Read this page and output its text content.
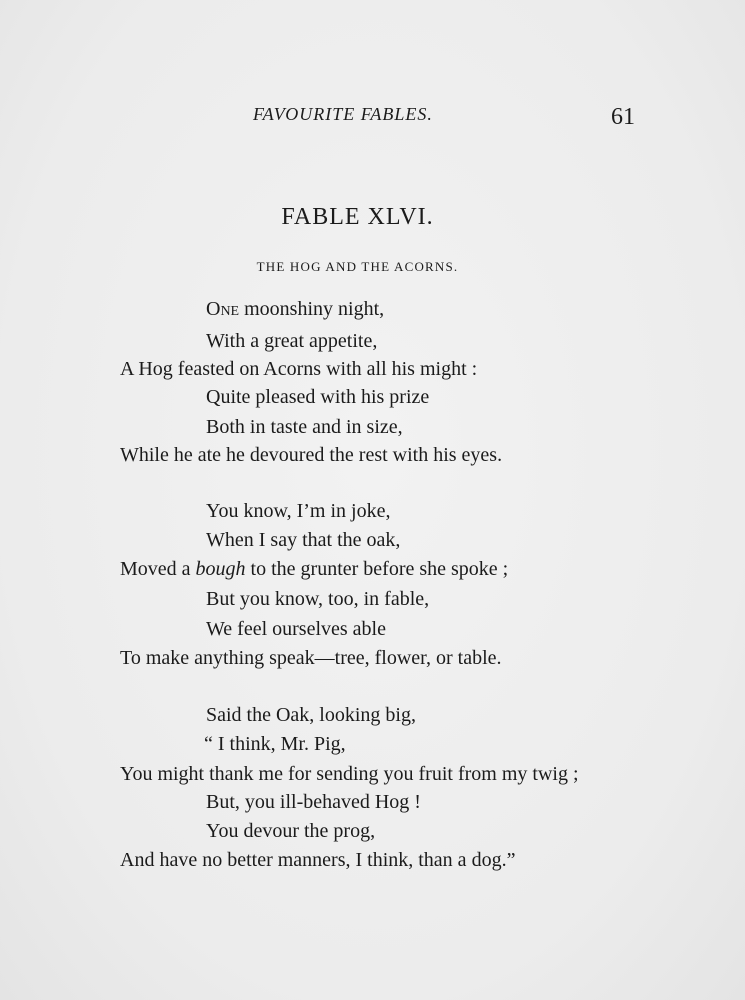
FAVOURITE FABLES.	61
FABLE XLVI.
THE HOG AND THE ACORNS.
One moonshiny night,
With a great appetite,
A Hog feasted on Acorns with all his might :
Quite pleased with his prize
Both in taste and in size,
While he ate he devoured the rest with his eyes.
You know, I’m in joke,
When I say that the oak,
Moved a bough to the grunter before she spoke ;
But you know, too, in fable,
We feel ourselves able
To make anything speak—tree, flower, or table.
Said the Oak, looking big,
“ I think, Mr. Pig,
You might thank me for sending you fruit from my twig ;
But, you ill-behaved Hog !
You devour the prog,
And have no better manners, I think, than a dog.”
